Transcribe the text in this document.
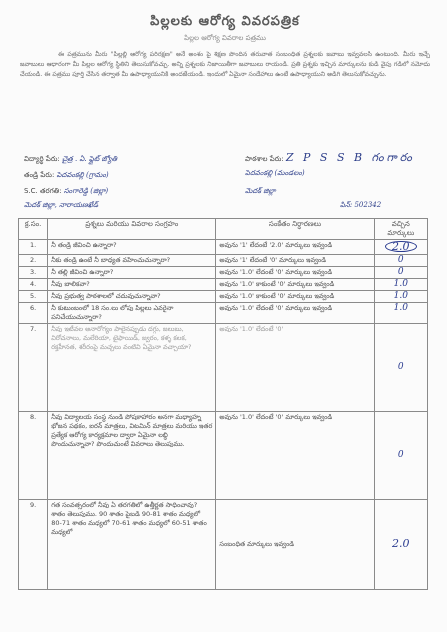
పిల్లలకు ఆరోగ్య వివరపత్రిక
పిల్లల ఆరోగ్య వివరాల పత్రము
ఈ పత్రమును మీరు "పిల్లల్లి ఆరోగ్య పరిరక్షణ" అనే అంశం పై శిక్షణ పొందిన తరువాత సంబంధిత ప్రశ్నలకు జవాబు ఇవ్వవలసి ఉంటుంది. మీరు ఇచ్చే జవాబులు ఆధారంగా మీ పిల్లల ఆరోగ్య స్థితిని తెలుసుకోవచ్చు. అన్ని ప్రశ్నలకు నిజాయితీగా జవాబులు రాయండి. ప్రతి ప్రశ్నకు ఇచ్చిన మార్కులను కుడి వైపు గడిలో నమోదు చేయండి. ఈ పత్రము పూర్తి చేసిన తర్వాత మీ ఉపాధ్యాయునికి అందజేయండి. ఇందులో ఏమైనా సందేహాలు ఉంటే ఉపాధ్యాయుని అడిగి తెలుసుకోవచ్చును.
విద్యార్థి పేరు: చైత్ర . ఏ. ఫ్లైట్ జ్యోతి	పాఠశాల పేరు: Z P S S B గంగారం
తండ్రి పేరు: పెదవంకల్లి (గ్రామం)	పెదవంకల్లి (మండలం)
S.C. తరగతి: సంగారెడ్డి (జిల్లా)	మెదక్ జిల్లా
మెదక్ జిల్లా, నారాయణఖేడ్	పిన్: 502342
క్ర.సం.	ప్రశ్నలు మరియు వివరాల సంగ్రహం	సంకేతం నిర్ధారణలు	వచ్చిన మార్కులు
1.	నీ తండ్రి జీవించి ఉన్నారా?	అవును '1' లేదంటే '2.0' మార్కులు ఇవ్వండి	2.0
2.	నీకు తండ్రి ఉంటే నీ బాధ్యత వహించుచున్నారా?	అవును '1' లేదంటే '0' మార్కులు ఇవ్వండి	0
3.	నీ తల్లి జీవించి ఉన్నారా?	అవును '1.0' లేదంటే '0' మార్కులు ఇవ్వండి	0
4.	నీవు బాలికవా?	అవును '1.0' కాకుంటే '0' మార్కులు ఇవ్వండి	1.0
5.	నీవు ప్రభుత్వ పాఠశాలలో చదువుచున్నావా?	అవును '1.0' కాకుంటే '0' మార్కులు ఇవ్వండి	1.0
6.	నీ కుటుంబంలో 18 సం.లు లోపు పిల్లలు ఎవరైనా పనిచేయుచున్నారా?	అవును '1.0' లేదంటే '0' మార్కులు ఇవ్వండి	1.0
7.	నీవు ఇటీవల అనారోగ్యం పాలైనప్పుడు దగ్గు, జలుబు, విరోచనాలు, మలేరియా, టైఫాయిడ్, జ్వరం, కళ్ళ కలక, రక్తహీనత, శరీరంపై మచ్చలు వంటివి ఏమైనా వచ్చాయా?	అవును '1.0' లేదంటే '0'	0
8.	నీవు విద్యాలయ సంస్థ నుండి పోషకాహారం అనగా మధ్యాహ్న భోజన పథకం, ఐరన్ మాత్రలు, విటమిన్ మాత్రలు మరియు ఇతర ప్రత్యేక ఆరోగ్య కార్యక్రమాల ద్వారా ఏమైనా లబ్ధి పొందుచున్నావా? పొందుచుంటే వివరాలు తెలుపుము.	అవును '1.0' లేదంటే '0' మార్కులు ఇవ్వండి	0
9.	గత సంవత్సరంలో నీవు ఏ తరగతిలో ఉత్తీర్ణత సాధించావు? శాతం తెలుపుము. 90 శాతం పైబడి 90-81 శాతం మధ్యలో 80-71 శాతం మధ్యలో 70-61 శాతం మధ్యలో 60-51 శాతం మధ్యలో	సంబంధిత మార్కులు ఇవ్వండి	2.0
